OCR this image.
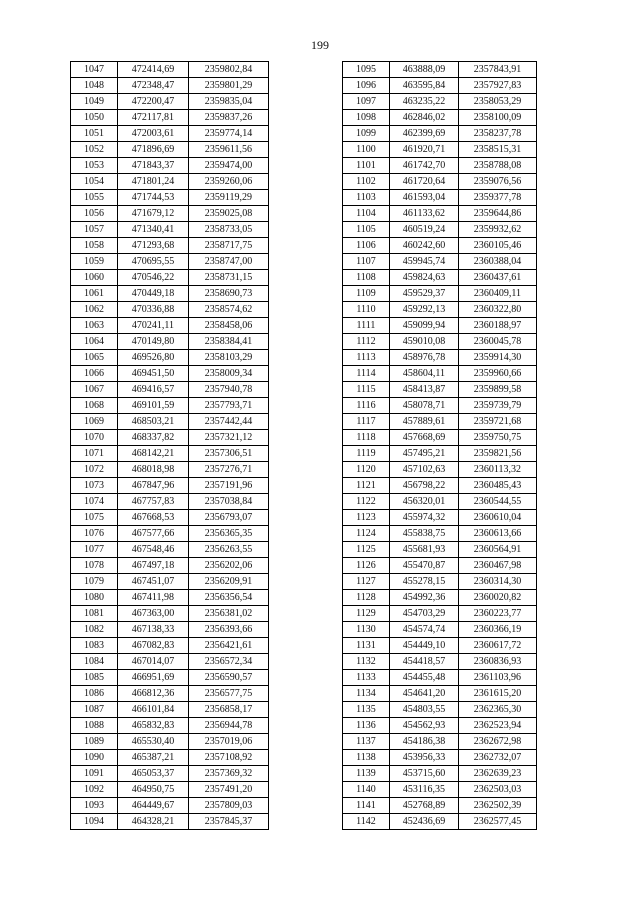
199
1047	472414,69	2359802,84
1048	472348,47	2359801,29
1049	472200,47	2359835,04
1050	472117,81	2359837,26
1051	472003,61	2359774,14
1052	471896,69	2359611,56
1053	471843,37	2359474,00
1054	471801,24	2359260,06
1055	471744,53	2359119,29
1056	471679,12	2359025,08
1057	471340,41	2358733,05
1058	471293,68	2358717,75
1059	470695,55	2358747,00
1060	470546,22	2358731,15
1061	470449,18	2358690,73
1062	470336,88	2358574,62
1063	470241,11	2358458,06
1064	470149,80	2358384,41
1065	469526,80	2358103,29
1066	469451,50	2358009,34
1067	469416,57	2357940,78
1068	469101,59	2357793,71
1069	468503,21	2357442,44
1070	468337,82	2357321,12
1071	468142,21	2357306,51
1072	468018,98	2357276,71
1073	467847,96	2357191,96
1074	467757,83	2357038,84
1075	467668,53	2356793,07
1076	467577,66	2356365,35
1077	467548,46	2356263,55
1078	467497,18	2356202,06
1079	467451,07	2356209,91
1080	467411,98	2356356,54
1081	467363,00	2356381,02
1082	467138,33	2356393,66
1083	467082,83	2356421,61
1084	467014,07	2356572,34
1085	466951,69	2356590,57
1086	466812,36	2356577,75
1087	466101,84	2356858,17
1088	465832,83	2356944,78
1089	465530,40	2357019,06
1090	465387,21	2357108,92
1091	465053,37	2357369,32
1092	464950,75	2357491,20
1093	464449,67	2357809,03
1094	464328,21	2357845,37
1095	463888,09	2357843,91
1096	463595,84	2357927,83
1097	463235,22	2358053,29
1098	462846,02	2358100,09
1099	462399,69	2358237,78
1100	461920,71	2358515,31
1101	461742,70	2358788,08
1102	461720,64	2359076,56
1103	461593,04	2359377,78
1104	461133,62	2359644,86
1105	460519,24	2359932,62
1106	460242,60	2360105,46
1107	459945,74	2360388,04
1108	459824,63	2360437,61
1109	459529,37	2360409,11
1110	459292,13	2360322,80
1111	459099,94	2360188,97
1112	459010,08	2360045,78
1113	458976,78	2359914,30
1114	458604,11	2359960,66
1115	458413,87	2359899,58
1116	458078,71	2359739,79
1117	457889,61	2359721,68
1118	457668,69	2359750,75
1119	457495,21	2359821,56
1120	457102,63	2360113,32
1121	456798,22	2360485,43
1122	456320,01	2360544,55
1123	455974,32	2360610,04
1124	455838,75	2360613,66
1125	455681,93	2360564,91
1126	455470,87	2360467,98
1127	455278,15	2360314,30
1128	454992,36	2360020,82
1129	454703,29	2360223,77
1130	454574,74	2360366,19
1131	454449,10	2360617,72
1132	454418,57	2360836,93
1133	454455,48	2361103,96
1134	454641,20	2361615,20
1135	454803,55	2362365,30
1136	454562,93	2362523,94
1137	454186,38	2362672,98
1138	453956,33	2362732,07
1139	453715,60	2362639,23
1140	453116,35	2362503,03
1141	452768,89	2362502,39
1142	452436,69	2362577,45
